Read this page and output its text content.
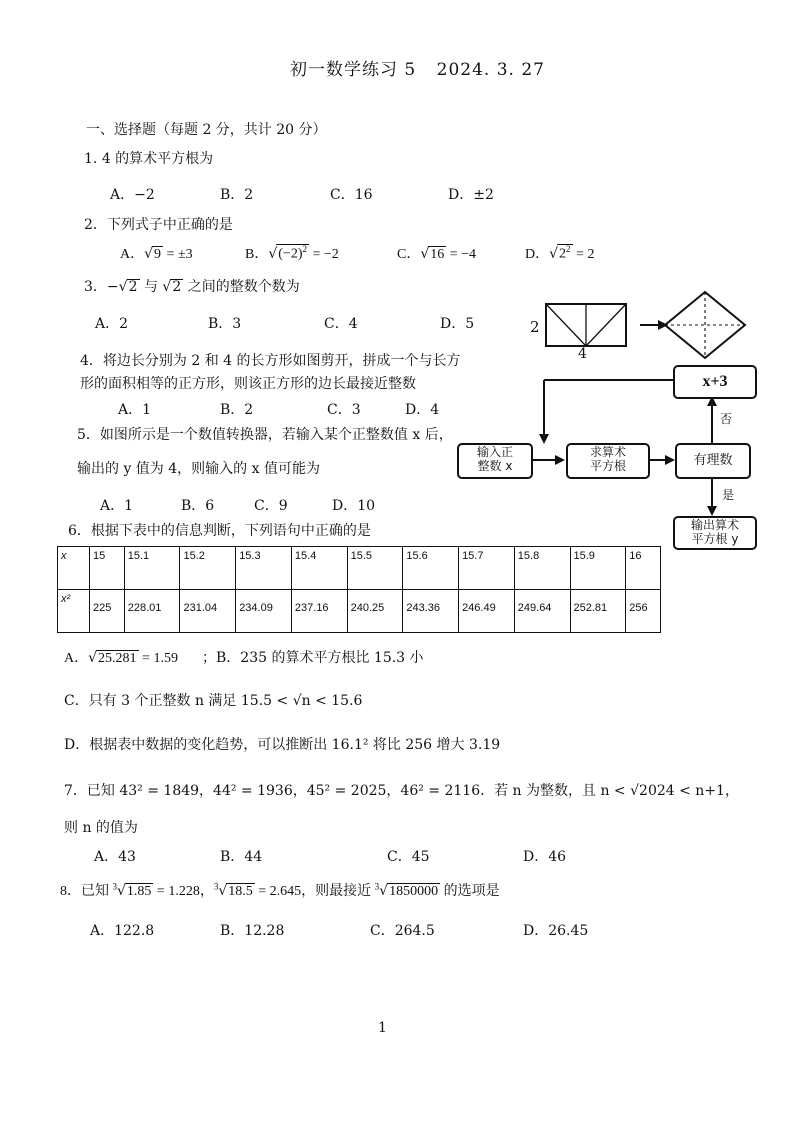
初一数学练习 5 2024. 3. 27
一、选择题（每题 2 分，共计 20 分）
1. 4 的算术平方根为
A．−2	B．2	C．16	D．±2
2．下列式子中正确的是
A．√9 = ±3	B．$√(-2)^2 = -2$	C．√16 = −4	D．$√2^2 = 2$
3．−√2 与 √2 之间的整数个数为
A．2	B．3	C．4	D．5
4．将边长分别为 2 和 4 的长方形如图剪开，拼成一个与长方
形的面积相等的正方形，则该正方形的边长最接近整数
A．1	B．2	C．3	D．4
2
4
5．如图所示是一个数值转换器，若输入某个正整数值 x 后，
输出的 y 值为 4，则输入的 x 值可能为
A．1	B．6	C．9	D．10
输入正
整数 x
求算术
平方根	有理数
x+3
输出算术
平方根 y
否
是
6．根据下表中的信息判断，下列语句中正确的是
x	15	15.1	15.2	15.3	15.4	15.5	15.6	15.7	15.8	15.9	16
x²	225	228.01	231.04	234.09	237.16	240.25	243.36	246.49	249.64	252.81	256
A．√25.281 = 1.59 ；B．235 的算术平方根比 15.3 小
C．只有 3 个正整数 n 满足 15.5 < √n < 15.6
D．根据表中数据的变化趋势，可以推断出 16.1² 将比 256 增大 3.19
7．已知 43² = 1849，44² = 1936，45² = 2025，46² = 2116．若 n 为整数，且 n < √2024 < n+1，
则 n 的值为
A．43	B．44	C．45	D．46
8．已知 $^3$√1.85 = 1.228，$^3$√18.5 = 2.645，则最接近 $^3$√1850000 的选项是
A．122.8	B．12.28	C．264.5	D．26.45
1
